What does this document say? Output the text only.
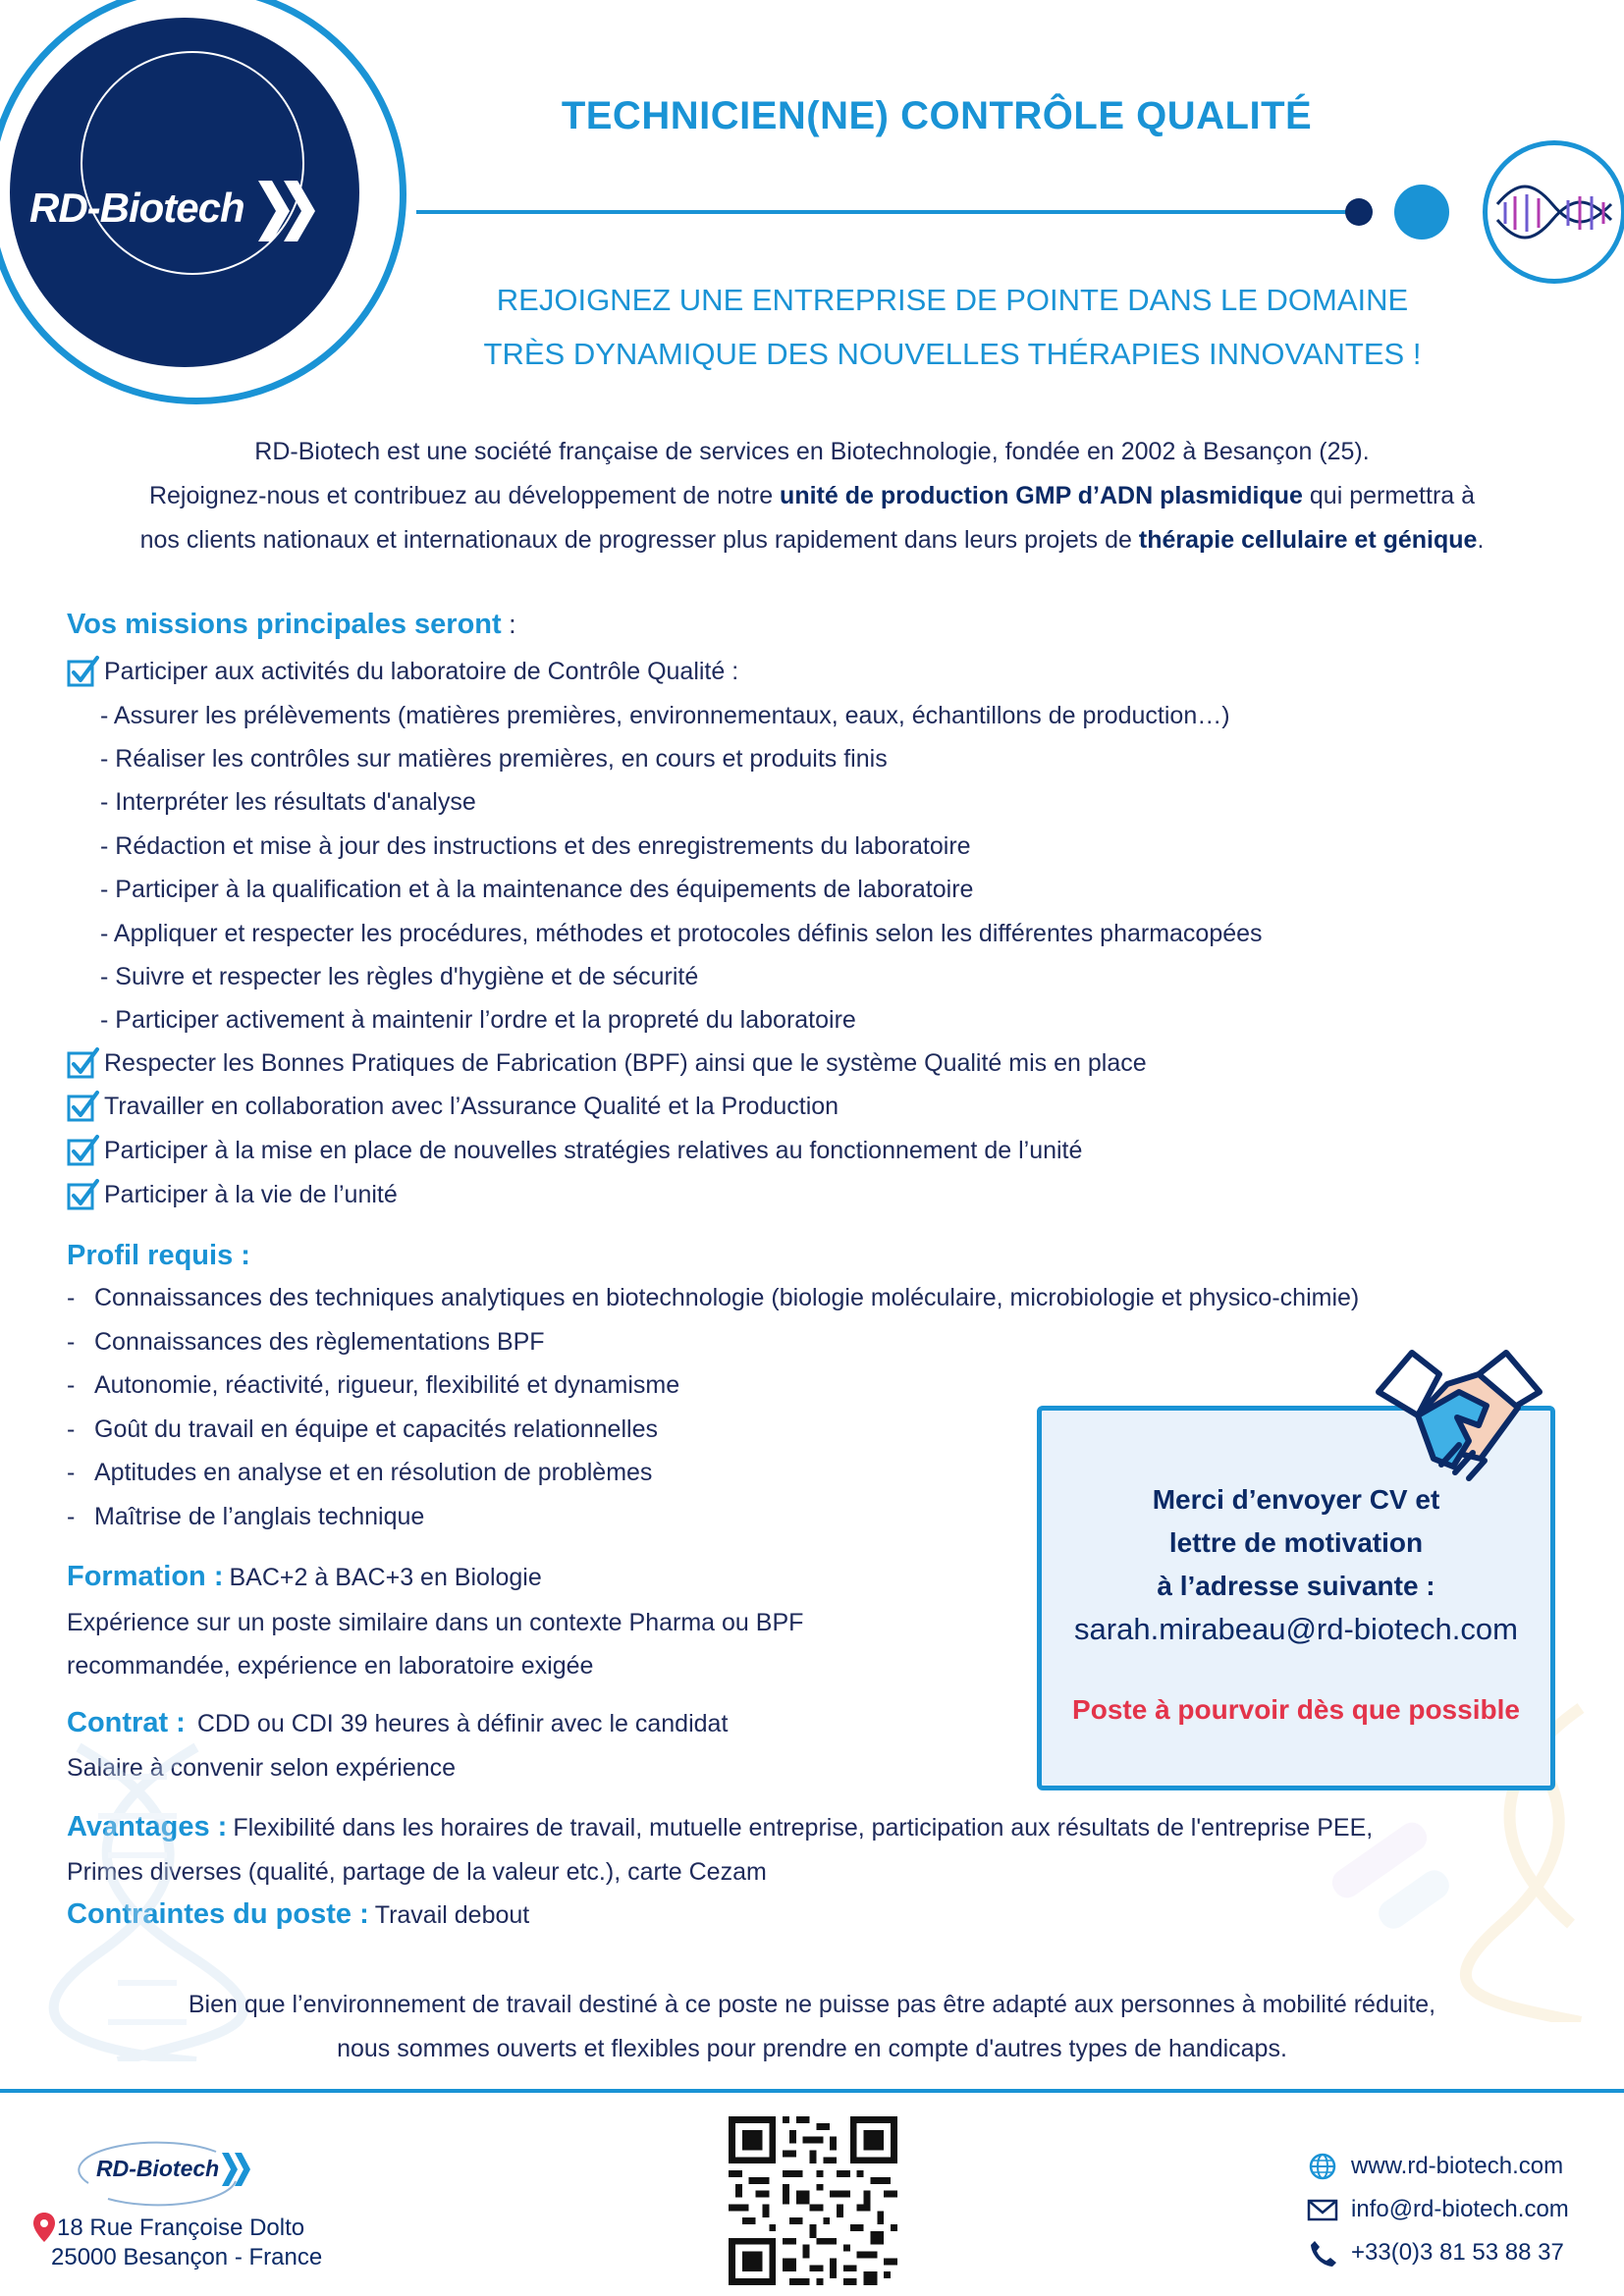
RD-Biotech
TECHNICIEN(NE) CONTRÔLE QUALITÉ
REJOIGNEZ UNE ENTREPRISE DE POINTE DANS LE DOMAINE
TRÈS DYNAMIQUE DES NOUVELLES THÉRAPIES INNOVANTES !
RD-Biotech est une société française de services en Biotechnologie, fondée en 2002 à Besançon (25).
Rejoignez-nous et contribuez au développement de notre unité de production GMP d’ADN plasmidique qui permettra à
nos clients nationaux et internationaux de progresser plus rapidement dans leurs projets de thérapie cellulaire et génique.
Vos missions principales seront :
Participer aux activités du laboratoire de Contrôle Qualité :
- Assurer les prélèvements (matières premières, environnementaux, eaux, échantillons de production…)
- Réaliser les contrôles sur matières premières, en cours et produits finis
- Interpréter les résultats d'analyse
- Rédaction et mise à jour des instructions et des enregistrements du laboratoire
- Participer à la qualification et à la maintenance des équipements de laboratoire
- Appliquer et respecter les procédures, méthodes et protocoles définis selon les différentes pharmacopées
- Suivre et respecter les règles d'hygiène et de sécurité
- Participer activement à maintenir l’ordre et la propreté du laboratoire
Respecter les Bonnes Pratiques de Fabrication (BPF) ainsi que le système Qualité mis en place
Travailler en collaboration avec l’Assurance Qualité et la Production
Participer à la mise en place de nouvelles stratégies relatives au fonctionnement de l’unité
Participer à la vie de l’unité
Profil requis :
- Connaissances des techniques analytiques en biotechnologie (biologie moléculaire, microbiologie et physico-chimie)
- Connaissances des règlementations BPF
- Autonomie, réactivité, rigueur, flexibilité et dynamisme
- Goût du travail en équipe et capacités relationnelles
- Aptitudes en analyse et en résolution de problèmes
- Maîtrise de l’anglais technique
Formation : BAC+2 à BAC+3 en Biologie
Expérience sur un poste similaire dans un contexte Pharma ou BPF
recommandée, expérience en laboratoire exigée
Contrat : CDD ou CDI 39 heures à définir avec le candidat
Salaire à convenir selon expérience
Avantages : Flexibilité dans les horaires de travail, mutuelle entreprise, participation aux résultats de l'entreprise PEE,
Primes diverses (qualité, partage de la valeur etc.), carte Cezam
Contraintes du poste : Travail debout
Merci d’envoyer CV et
lettre de motivation
à l’adresse suivante :
sarah.mirabeau@rd-biotech.com
Poste à pourvoir dès que possible
Bien que l’environnement de travail destiné à ce poste ne puisse pas être adapté aux personnes à mobilité réduite,
nous sommes ouverts et flexibles pour prendre en compte d'autres types de handicaps.
RD-Biotech
18 Rue Françoise Dolto
25000 Besançon - France
www.rd-biotech.com
info@rd-biotech.com
+33(0)3 81 53 88 37
